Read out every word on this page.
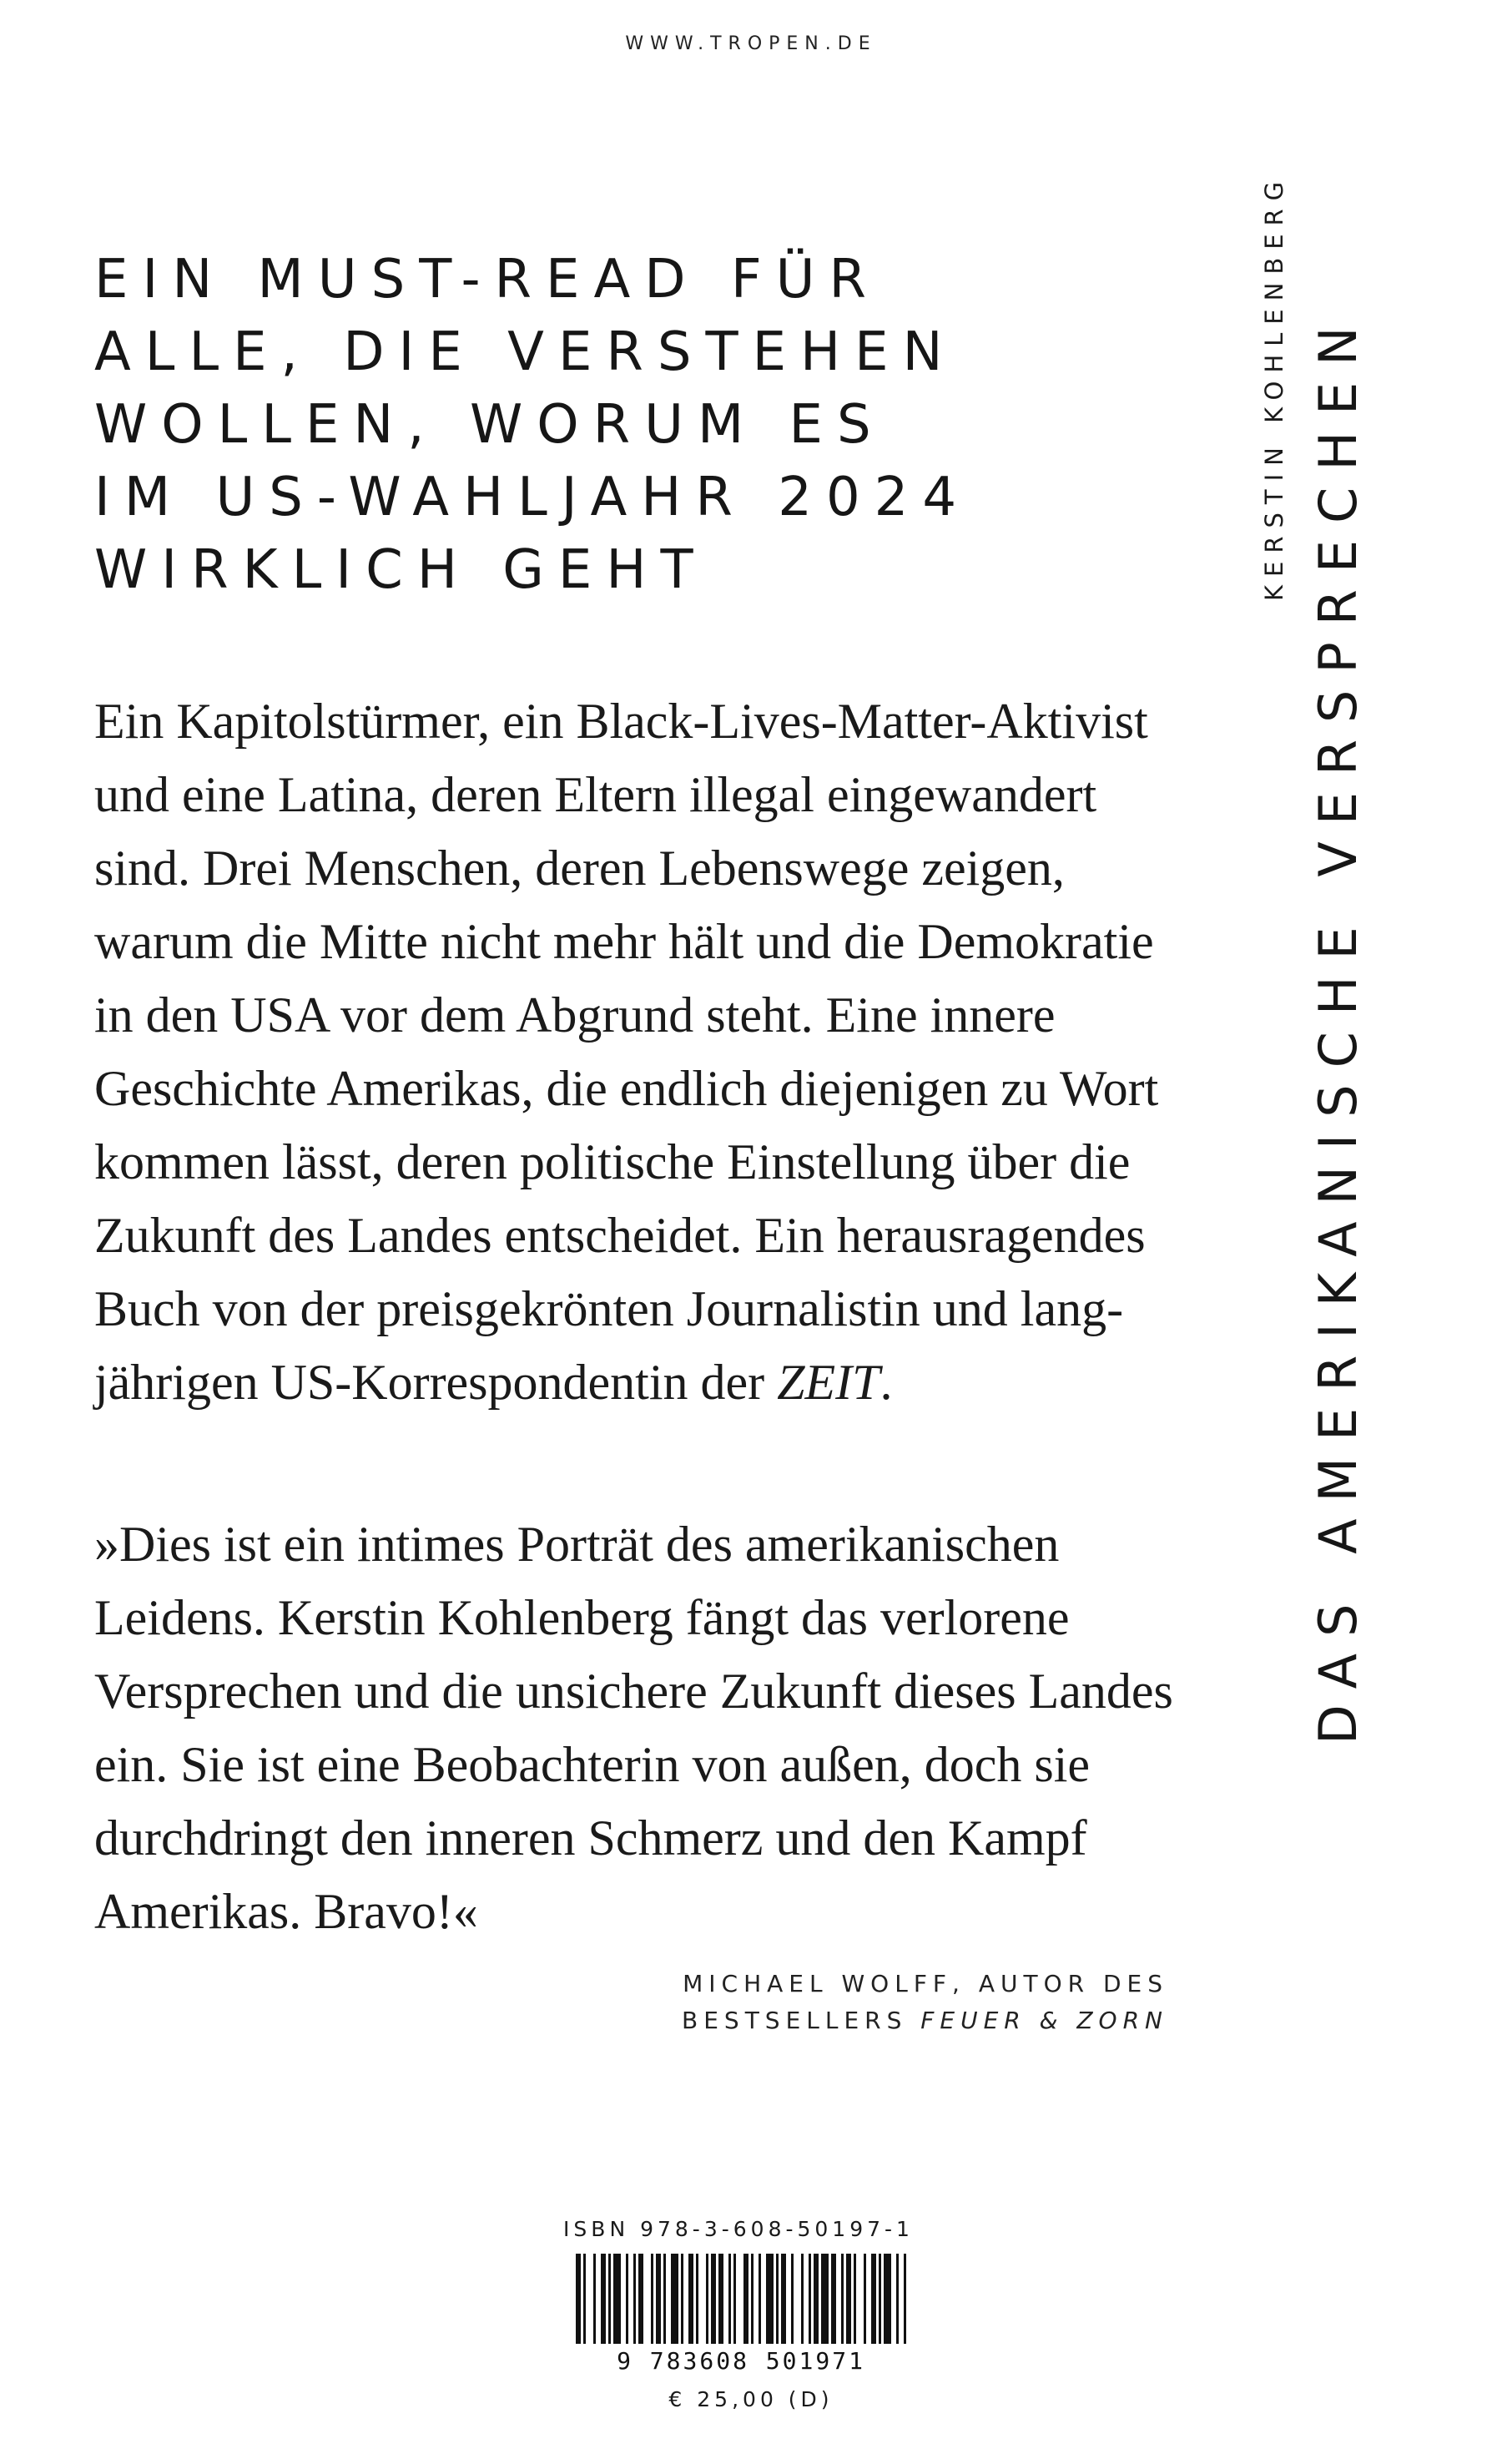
WWW.TROPEN.DE
EIN MUST-READ FÜR
ALLE, DIE VERSTEHEN
WOLLEN, WORUM ES
IM US-WAHLJAHR 2024
WIRKLICH GEHT
Ein Kapitolstürmer, ein Black-Lives-Matter-Aktivist
und eine Latina, deren Eltern illegal eingewandert
sind. Drei Menschen, deren Lebenswege zeigen,
warum die Mitte nicht mehr hält und die Demokratie
in den USA vor dem Abgrund steht. Eine innere
Geschichte Amerikas, die endlich diejenigen zu Wort
kommen lässt, deren politische Einstellung über die
Zukunft des Landes entscheidet. Ein herausragendes
Buch von der preisgekrönten Journalistin und lang-
jährigen US-Korrespondentin der ZEIT.
»Dies ist ein intimes Porträt des amerikanischen
Leidens. Kerstin Kohlenberg fängt das verlorene
Versprechen und die unsichere Zukunft dieses Landes
ein. Sie ist eine Beobachterin von außen, doch sie
durchdringt den inneren Schmerz und den Kampf
Amerikas. Bravo!«
MICHAEL WOLFF, AUTOR DES
BESTSELLERS FEUER & ZORN
KERSTIN KOHLENBERG DAS AMERIKANISCHE VERSPRECHEN
ISBN 978-3-608-50197-1
9 783608 501971
€ 25,00 (D)
